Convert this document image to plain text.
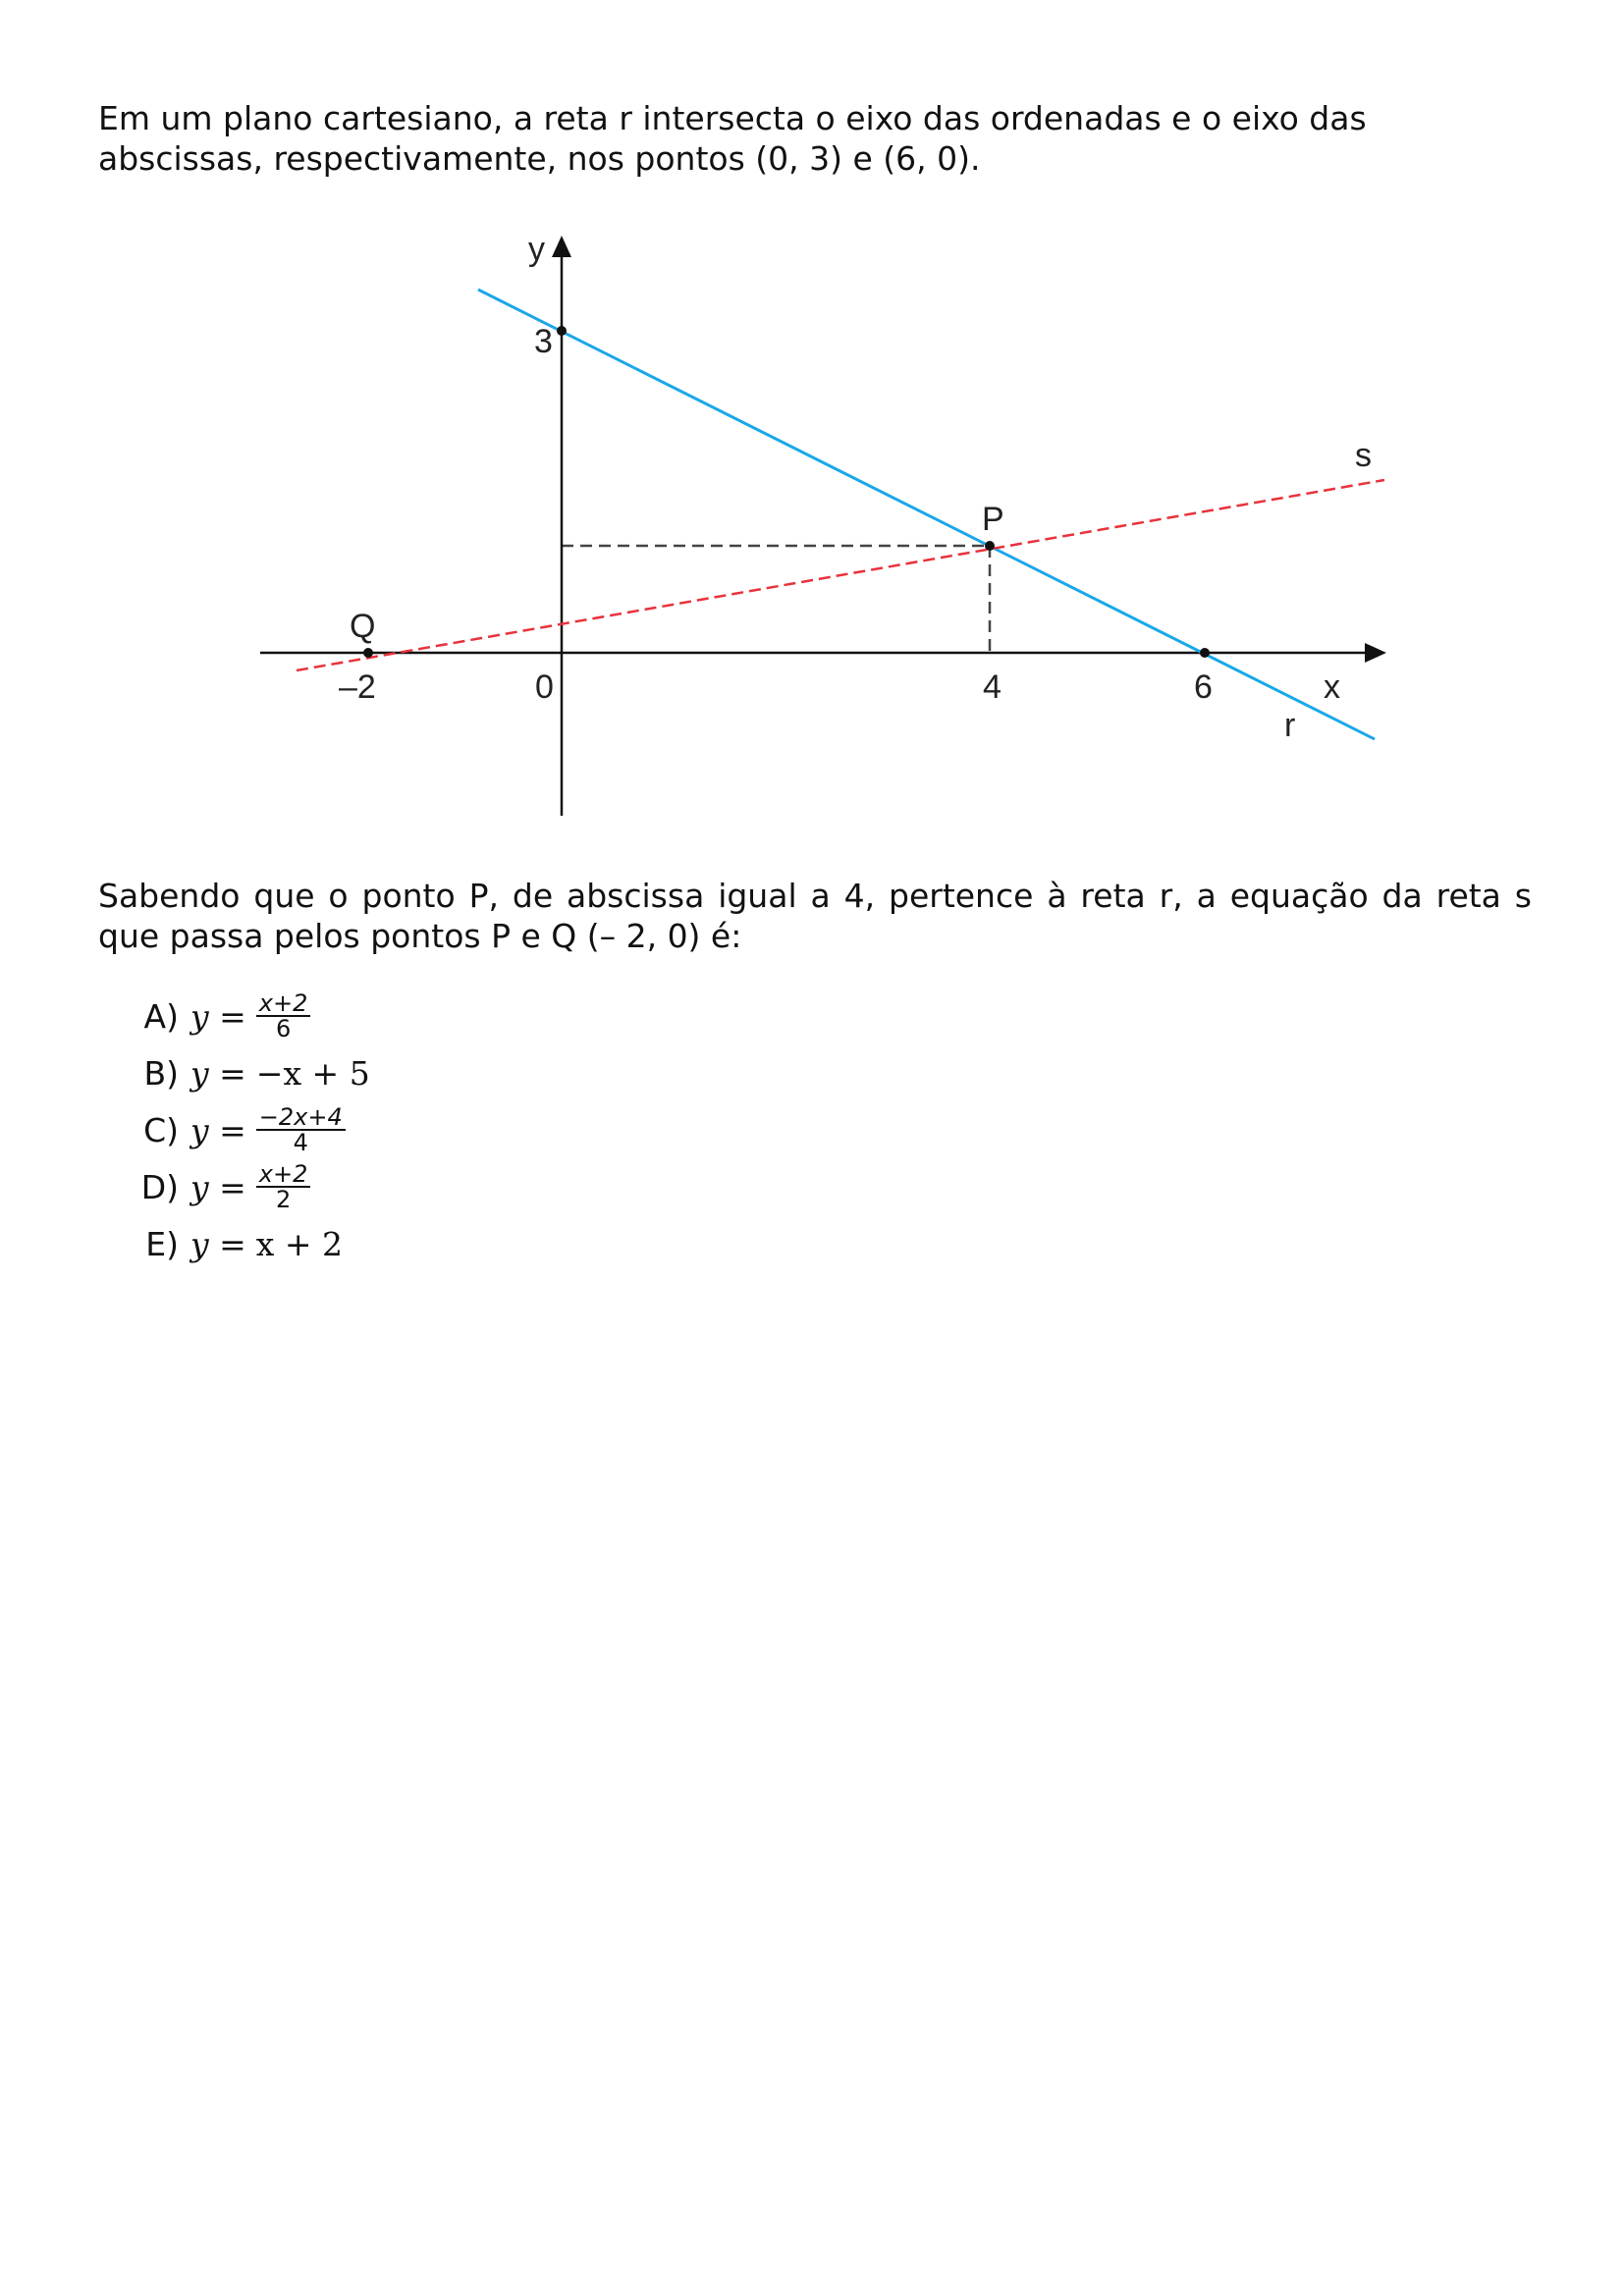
Em um plano cartesiano, a reta r intersecta o eixo das ordenadas e o eixo das abscissas, respectivamente, nos pontos (0, 3) e (6, 0).
y
x
3
–2	0	4	6
P
Q
r
s
Sabendo que o ponto P, de abscissa igual a 4, pertence à reta r, a equação da reta s que passa pelos pontos P e Q (– 2, 0) é:
A) $y = \frac{x+2}{6}$
B) y = −x + 5
C) $y = \frac{-2x+4}{4}$
D) $y = \frac{x+2}{2}$
E) y = x + 2
